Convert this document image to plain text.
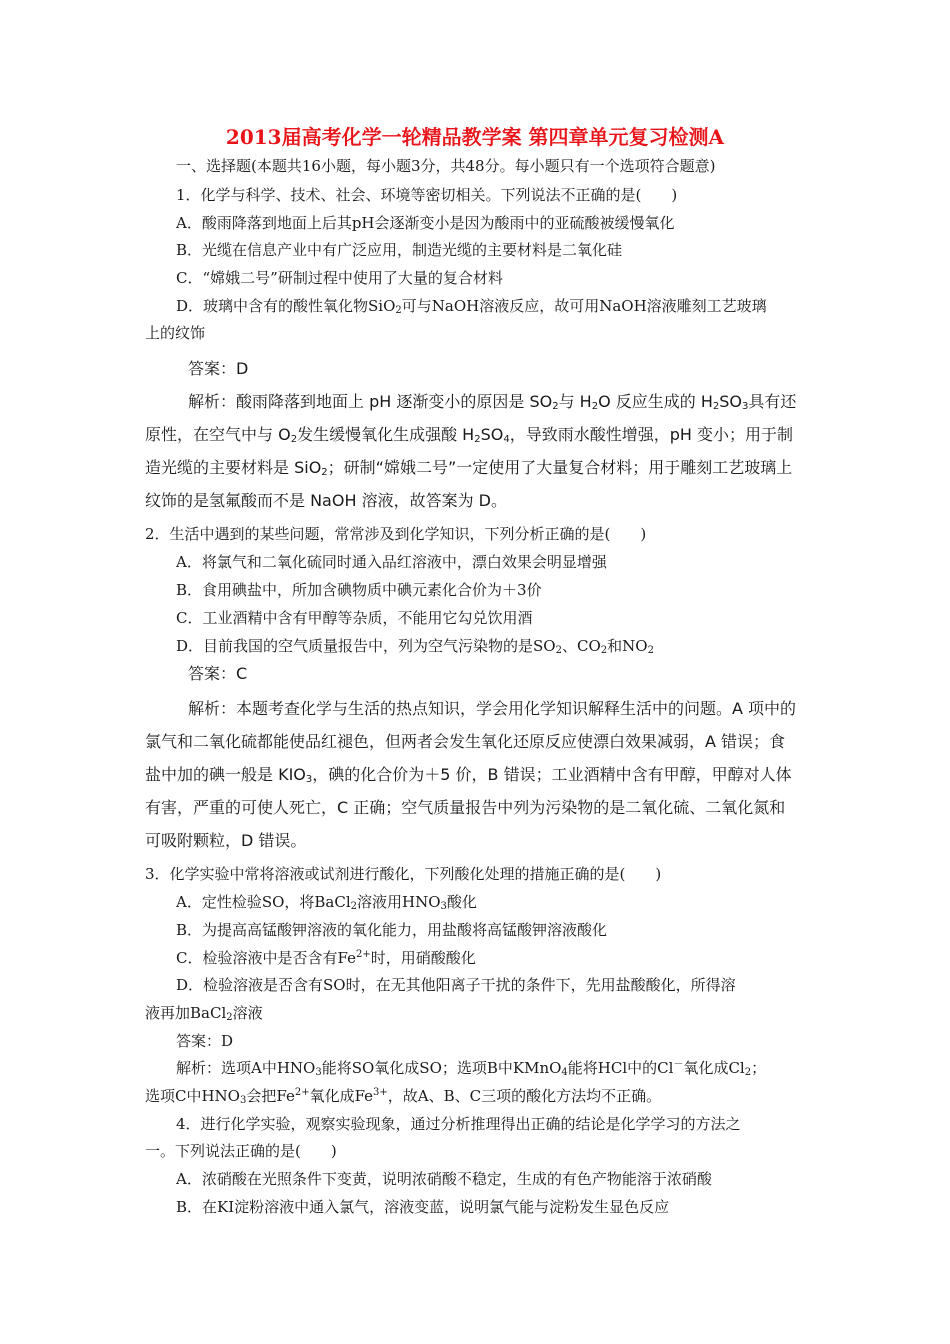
2013届高考化学一轮精品教学案 第四章单元复习检测A
一、选择题(本题共16小题，每小题3分，共48分。每小题只有一个选项符合题意)
1．化学与科学、技术、社会、环境等密切相关。下列说法不正确的是(　　)
A．酸雨降落到地面上后其pH会逐渐变小是因为酸雨中的亚硫酸被缓慢氧化
B．光缆在信息产业中有广泛应用，制造光缆的主要材料是二氧化硅
C．“嫦娥二号”研制过程中使用了大量的复合材料
D．玻璃中含有的酸性氧化物SiO$_2$可与NaOH溶液反应，故可用NaOH溶液雕刻工艺玻璃
上的纹饰
答案：D
解析：酸雨降落到地面上 pH 逐渐变小的原因是 $SO_2$与 $H_2O$ 反应生成的 $H_2SO_3$具有还
原性，在空气中与 $O_2$发生缓慢氧化生成强酸 $H_2SO_4$，导致雨水酸性增强，pH 变小；用于制
造光缆的主要材料是 SiO$_2$；研制“嫦娥二号”一定使用了大量复合材料；用于雕刻工艺玻璃上
纹饰的是氢氟酸而不是 NaOH 溶液，故答案为 D。
2．生活中遇到的某些问题，常常涉及到化学知识，下列分析正确的是(　　)
A．将氯气和二氧化硫同时通入品红溶液中，漂白效果会明显增强
B．食用碘盐中，所加含碘物质中碘元素化合价为＋3价
C．工业酒精中含有甲醇等杂质，不能用它勾兑饮用酒
D．目前我国的空气质量报告中，列为空气污染物的是$SO_2$、$CO_2$和$NO_2$
答案：C
解析：本题考查化学与生活的热点知识，学会用化学知识解释生活中的问题。A 项中的
氯气和二氧化硫都能使品红褪色，但两者会发生氧化还原反应使漂白效果减弱，A 错误；食
盐中加的碘一般是 $KIO_3$，碘的化合价为＋5 价，B 错误；工业酒精中含有甲醇，甲醇对人体
有害，严重的可使人死亡，C 正确；空气质量报告中列为污染物的是二氧化硫、二氧化氮和
可吸附颗粒，D 错误。
3．化学实验中常将溶液或试剂进行酸化，下列酸化处理的措施正确的是(　　)
A．定性检验SO，将BaCl$_2$溶液用$HNO_3$酸化
B．为提高高锰酸钾溶液的氧化能力，用盐酸将高锰酸钾溶液酸化
C．检验溶液中是否含有$Fe^{2+}$时，用硝酸酸化
D．检验溶液是否含有SO时，在无其他阳离子干扰的条件下，先用盐酸酸化，所得溶
液再加BaCl$_2$溶液
答案：D
解析：选项A中$HNO_3$能将SO氧化成SO；选项B中KMnO$_4$能将HCl中的Cl－氧化成$Cl_2$；
选项C中$HNO_3$会把$Fe^{2+}$氧化成$Fe^{3+}$，故A、B、C三项的酸化方法均不正确。
4．进行化学实验，观察实验现象，通过分析推理得出正确的结论是化学学习的方法之
一。下列说法正确的是(　　)
A．浓硝酸在光照条件下变黄，说明浓硝酸不稳定，生成的有色产物能溶于浓硝酸
B．在KI淀粉溶液中通入氯气，溶液变蓝，说明氯气能与淀粉发生显色反应
